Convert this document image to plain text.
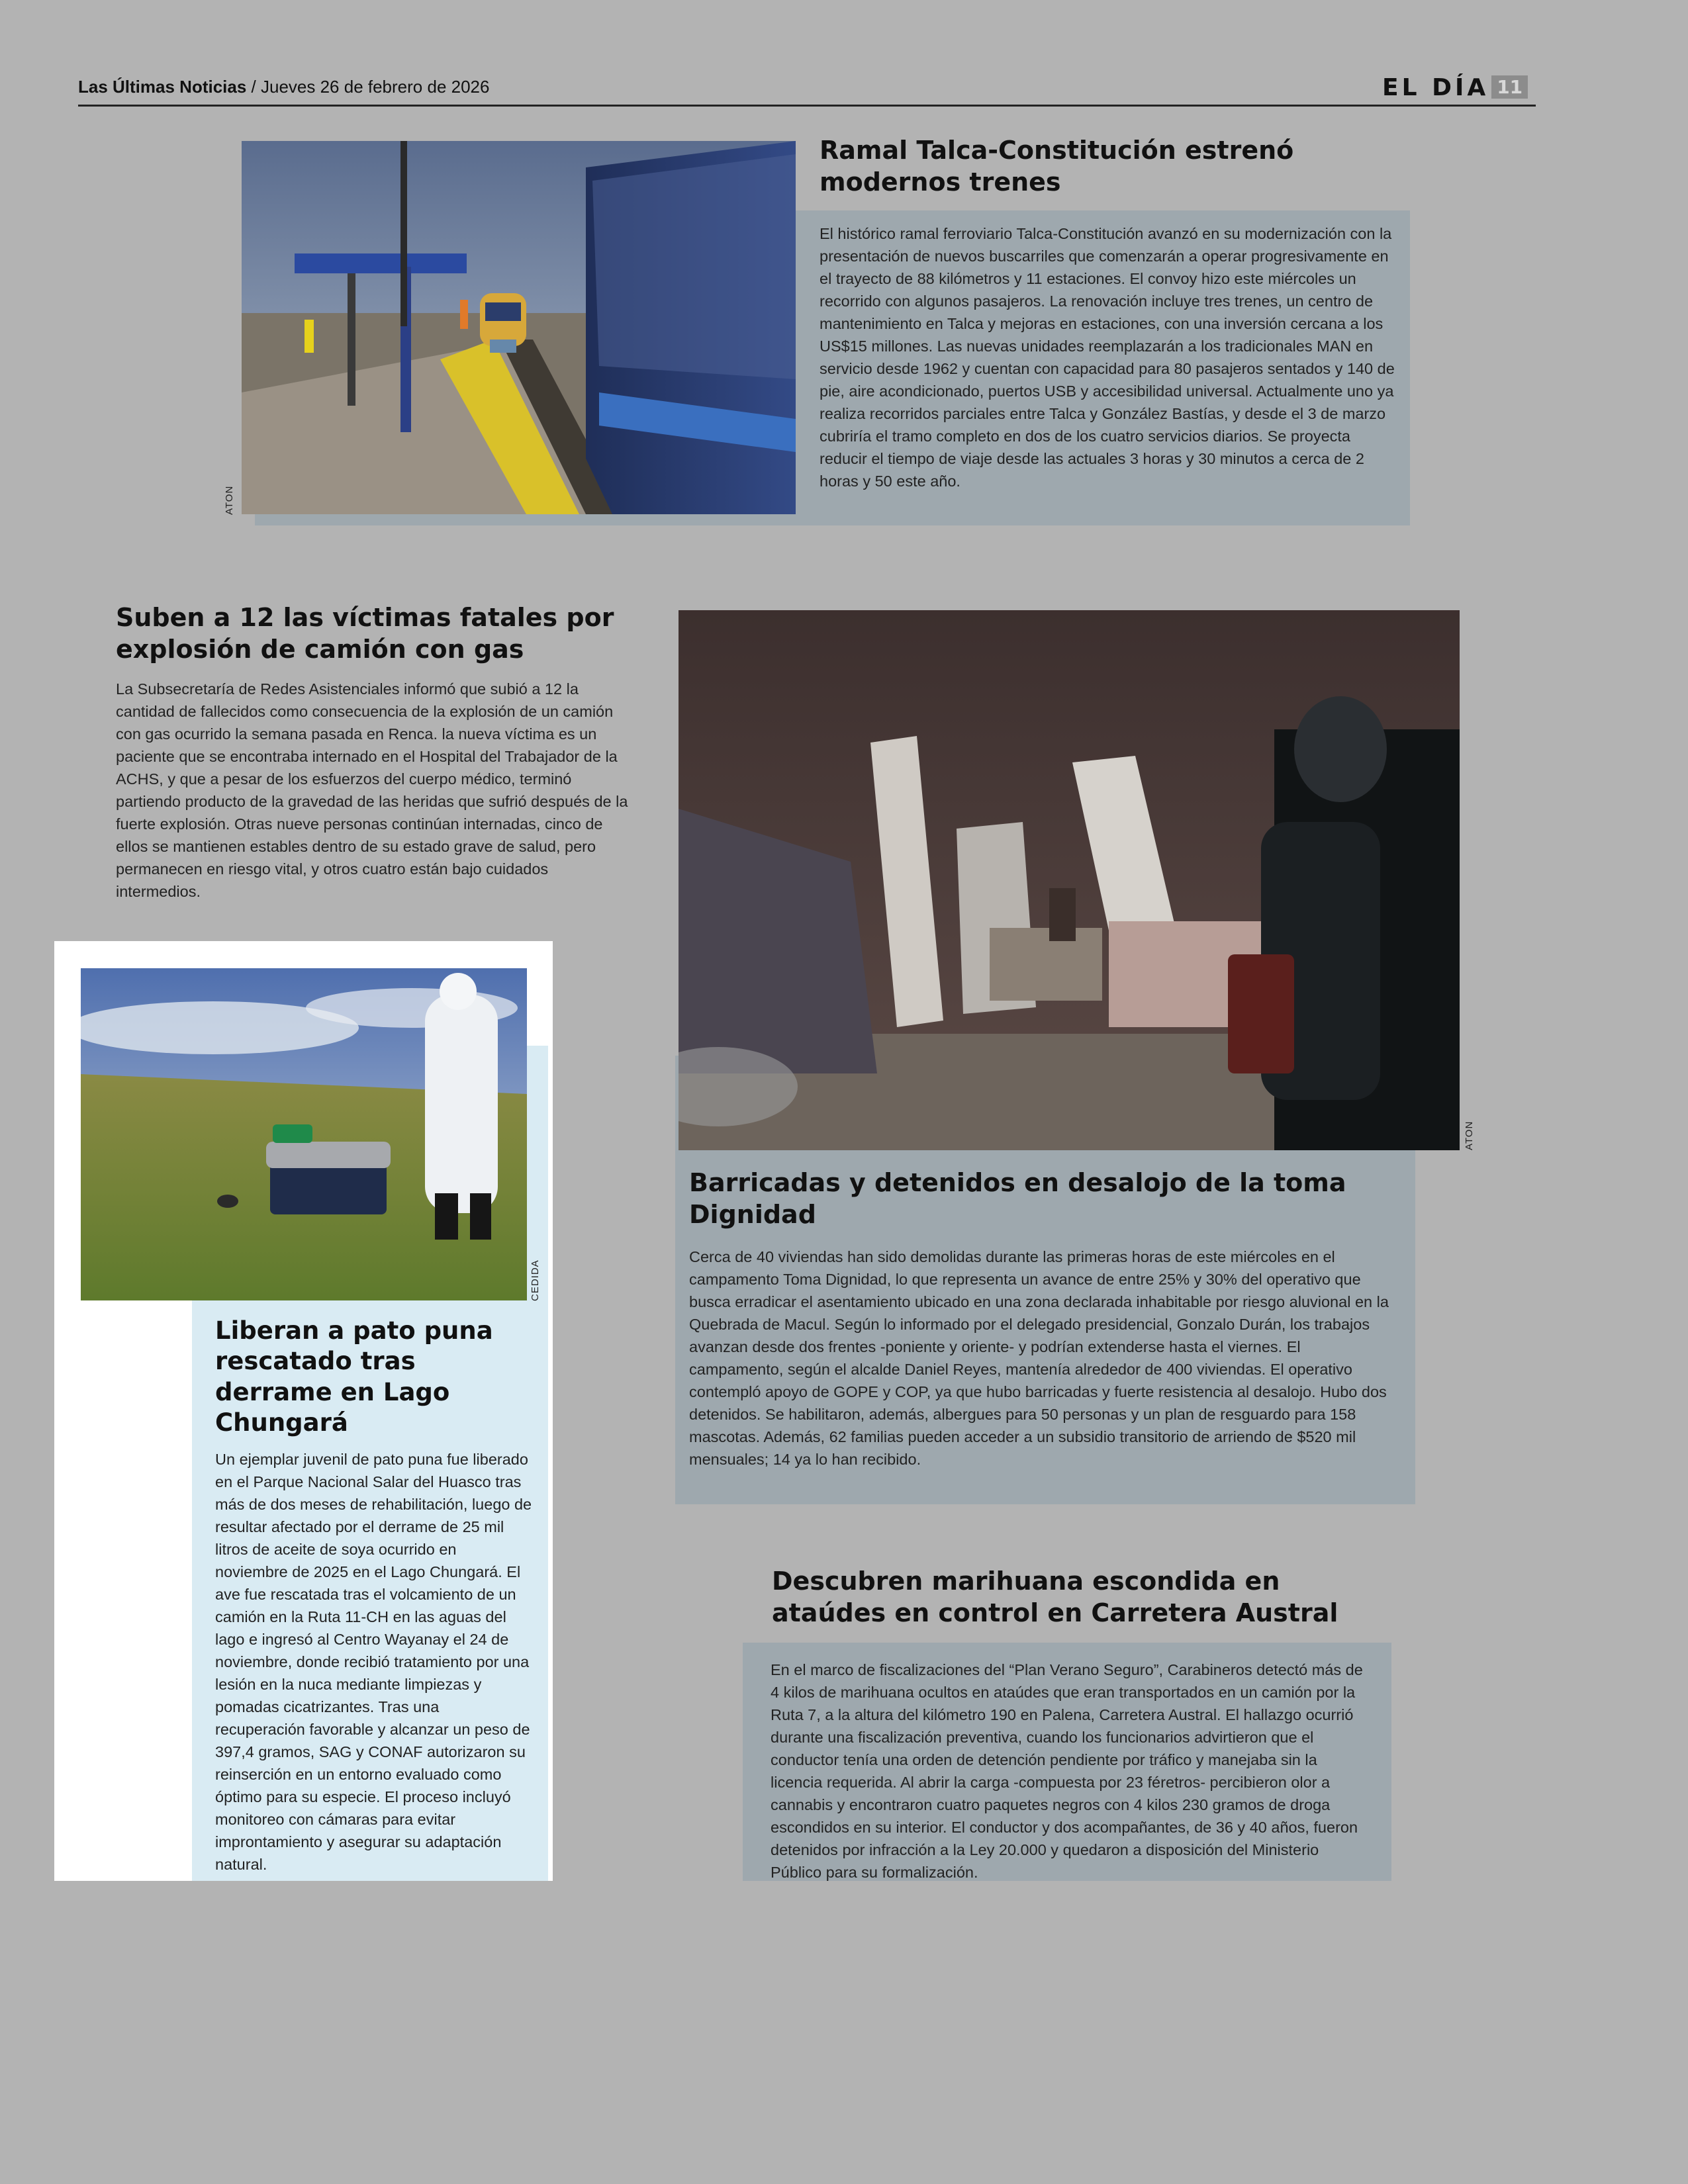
Las Últimas Noticias / Jueves 26 de febrero de 2026	EL DÍA 11
ATON
Ramal Talca-Constitución estrenó modernos trenes

El histórico ramal ferroviario Talca-Constitución avanzó en su modernización con la presentación de nuevos buscarriles que comenzarán a operar progresivamente en el trayecto de 88 kilómetros y 11 estaciones. El convoy hizo este miércoles un recorrido con algunos pasajeros. La renovación incluye tres trenes, un centro de mantenimiento en Talca y mejoras en estaciones, con una inversión cercana a los US$15 millones. Las nuevas unidades reemplazarán a los tradicionales MAN en servicio desde 1962 y cuentan con capacidad para 80 pasajeros sentados y 140 de pie, aire acondicionado, puertos USB y accesibilidad universal. Actualmente uno ya realiza recorridos parciales entre Talca y González Bastías, y desde el 3 de marzo cubriría el tramo completo en dos de los cuatro servicios diarios. Se proyecta reducir el tiempo de viaje desde las actuales 3 horas y 30 minutos a cerca de 2 horas y 50 este año.

Suben a 12 las víctimas fatales por explosión de camión con gas

La Subsecretaría de Redes Asistenciales informó que subió a 12 la cantidad de fallecidos como consecuencia de la explosión de un camión con gas ocurrido la semana pasada en Renca. la nueva víctima es un paciente que se encontraba internado en el Hospital del Trabajador de la ACHS, y que a pesar de los esfuerzos del cuerpo médico, terminó partiendo producto de la gravedad de las heridas que sufrió después de la fuerte explosión. Otras nueve personas continúan internadas, cinco de ellos se mantienen estables dentro de su estado grave de salud, pero permanecen en riesgo vital, y otros cuatro están bajo cuidados intermedios.

CEDIDA
Liberan a pato puna rescatado tras derrame en Lago Chungará

Un ejemplar juvenil de pato puna fue liberado en el Parque Nacional Salar del Huasco tras más de dos meses de rehabilitación, luego de resultar afectado por el derrame de 25 mil litros de aceite de soya ocurrido en noviembre de 2025 en el Lago Chungará. El ave fue rescatada tras el volcamiento de un camión en la Ruta 11-CH en las aguas del lago e ingresó al Centro Wayanay el 24 de noviembre, donde recibió tratamiento por una lesión en la nuca mediante limpiezas y pomadas cicatrizantes. Tras una recuperación favorable y alcanzar un peso de 397,4 gramos, SAG y CONAF autorizaron su reinserción en un entorno evaluado como óptimo para su especie. El proceso incluyó monitoreo con cámaras para evitar improntamiento y asegurar su adaptación natural.

ATON
Barricadas y detenidos en desalojo de la toma Dignidad

Cerca de 40 viviendas han sido demolidas durante las primeras horas de este miércoles en el campamento Toma Dignidad, lo que representa un avance de entre 25% y 30% del operativo que busca erradicar el asentamiento ubicado en una zona declarada inhabitable por riesgo aluvional en la Quebrada de Macul. Según lo informado por el delegado presidencial, Gonzalo Durán, los trabajos avanzan desde dos frentes -poniente y oriente- y podrían extenderse hasta el viernes. El campamento, según el alcalde Daniel Reyes, mantenía alrededor de 400 viviendas. El operativo contempló apoyo de GOPE y COP, ya que hubo barricadas y fuerte resistencia al desalojo. Hubo dos detenidos. Se habilitaron, además, albergues para 50 personas y un plan de resguardo para 158 mascotas. Además, 62 familias pueden acceder a un subsidio transitorio de arriendo de $520 mil mensuales; 14 ya lo han recibido.

Descubren marihuana escondida en ataúdes en control en Carretera Austral

En el marco de fiscalizaciones del “Plan Verano Seguro”, Carabineros detectó más de 4 kilos de marihuana ocultos en ataúdes que eran transportados en un camión por la Ruta 7, a la altura del kilómetro 190 en Palena, Carretera Austral. El hallazgo ocurrió durante una fiscalización preventiva, cuando los funcionarios advirtieron que el conductor tenía una orden de detención pendiente por tráfico y manejaba sin la licencia requerida. Al abrir la carga -compuesta por 23 féretros- percibieron olor a cannabis y encontraron cuatro paquetes negros con 4 kilos 230 gramos de droga escondidos en su interior. El conductor y dos acompañantes, de 36 y 40 años, fueron detenidos por infracción a la Ley 20.000 y quedaron a disposición del Ministerio Público para su formalización.
